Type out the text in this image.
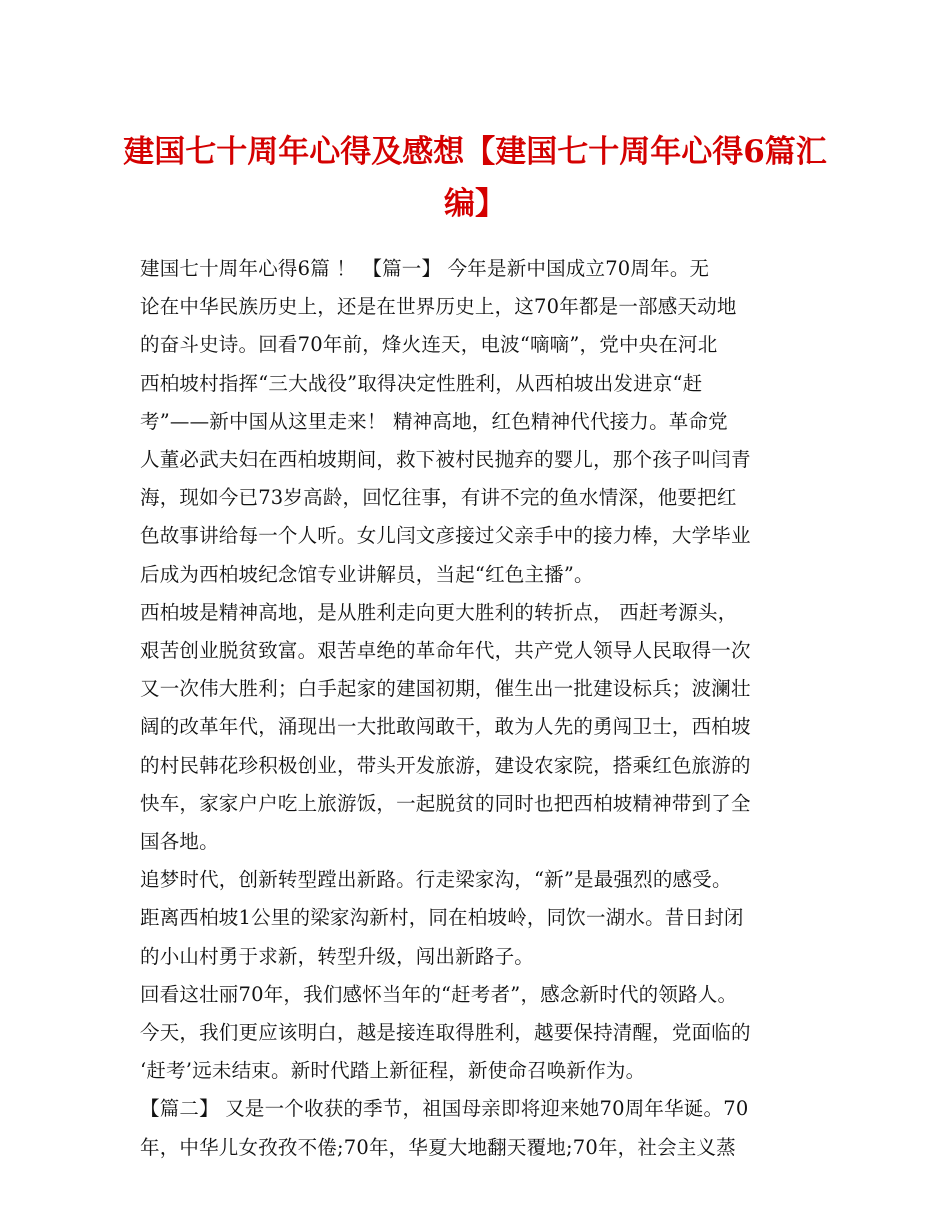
建国七十周年心得及感想【建国七十周年心得6篇汇
编】

建国七十周年心得6篇 ！ 【篇一】 今年是新中国成立70周年。无

论在中华民族历史上，还是在世界历史上，这70年都是一部感天动地

的奋斗史诗。回看70年前，烽火连天，电波“嘀嘀”，党中央在河北

西柏坡村指挥“三大战役”取得决定性胜利，从西柏坡出发进京“赶

考”——新中国从这里走来！ 精神高地，红色精神代代接力。革命党

人董必武夫妇在西柏坡期间，救下被村民抛弃的婴儿，那个孩子叫闫青

海，现如今已73岁高龄，回忆往事，有讲不完的鱼水情深，他要把红

色故事讲给每一个人听。女儿闫文彦接过父亲手中的接力棒，大学毕业

后成为西柏坡纪念馆专业讲解员，当起“红色主播”。

西柏坡是精神高地，是从胜利走向更大胜利的转折点， 西赶考源头，

艰苦创业脱贫致富。艰苦卓绝的革命年代，共产党人领导人民取得一次

又一次伟大胜利；白手起家的建国初期，催生出一批建设标兵；波澜壮

阔的改革年代，涌现出一大批敢闯敢干，敢为人先的勇闯卫士，西柏坡

的村民韩花珍积极创业，带头开发旅游，建设农家院，搭乘红色旅游的

快车，家家户户吃上旅游饭，一起脱贫的同时也把西柏坡精神带到了全

国各地。

追梦时代，创新转型蹚出新路。行走梁家沟，“新”是最强烈的感受。

距离西柏坡1公里的梁家沟新村，同在柏坡岭，同饮一湖水。昔日封闭

的小山村勇于求新，转型升级，闯出新路子。

回看这壮丽70年，我们感怀当年的“赶考者”，感念新时代的领路人。

今天，我们更应该明白，越是接连取得胜利，越要保持清醒，党面临的

‘赶考’远未结束。新时代踏上新征程，新使命召唤新作为。

【篇二】 又是一个收获的季节，祖国母亲即将迎来她70周年华诞。70

年，中华儿女孜孜不倦;70年，华夏大地翻天覆地;70年，社会主义蒸
